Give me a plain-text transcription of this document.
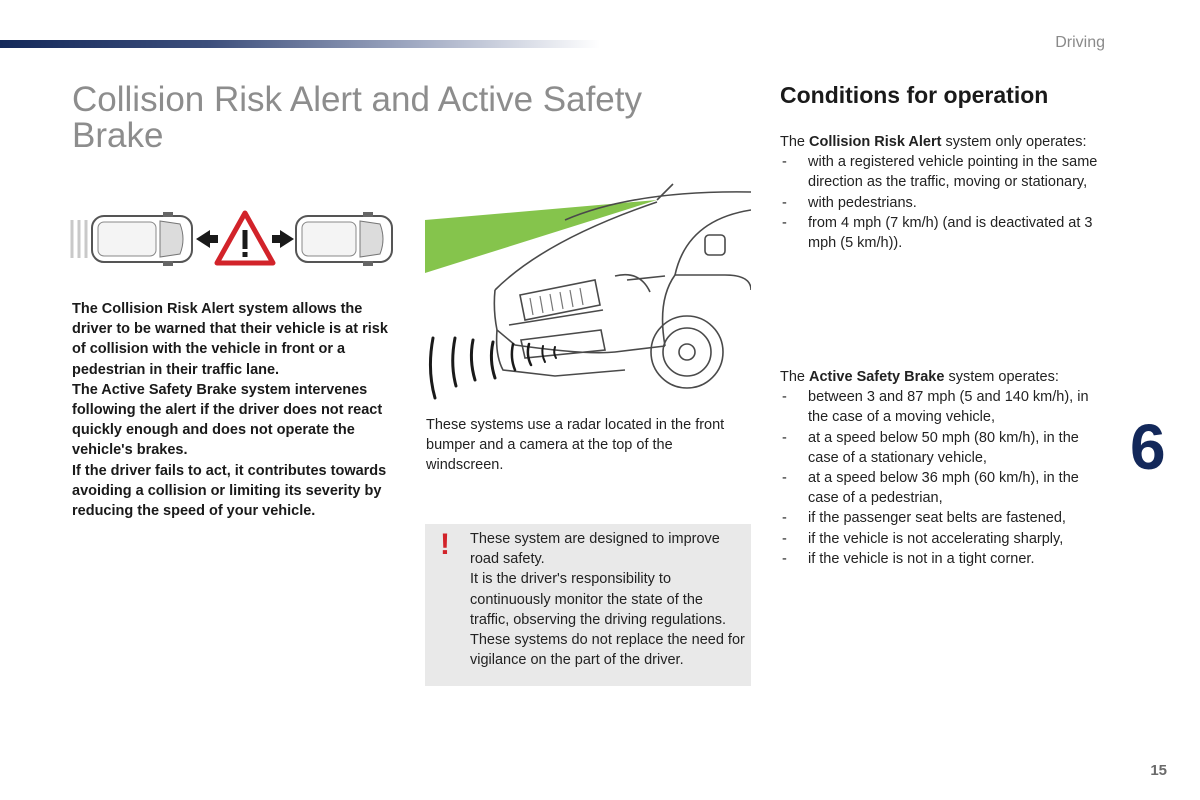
Driving
Collision Risk Alert and Active Safety Brake

The Collision Risk Alert system allows the driver to be warned that their vehicle is at risk of collision with the vehicle in front or a pedestrian in their traffic lane.

The Active Safety Brake system intervenes following the alert if the driver does not react quickly enough and does not operate the vehicle's brakes.

If the driver fails to act, it contributes towards avoiding a collision or limiting its severity by reducing the speed of your vehicle.

These systems use a radar located in the front bumper and a camera at the top of the windscreen.
! These system are designed to improve road safety.

It is the driver's responsibility to continuously monitor the state of the traffic, observing the driving regulations.

These systems do not replace the need for vigilance on the part of the driver.

Conditions for operation

The Collision Risk Alert system only operates:

- with a registered vehicle pointing in the same direction as the traffic, moving or stationary,
- with pedestrians.
- from 4 mph (7 km/h) (and is deactivated at 3 mph (5 km/h)).

The Active Safety Brake system operates:

- between 3 and 87 mph (5 and 140 km/h), in the case of a moving vehicle,
- at a speed below 50 mph (80 km/h), in the case of a stationary vehicle,
- at a speed below 36 mph (60 km/h), in the case of a pedestrian,
- if the passenger seat belts are fastened,
- if the vehicle is not accelerating sharply,
- if the vehicle is not in a tight corner.
6
15
